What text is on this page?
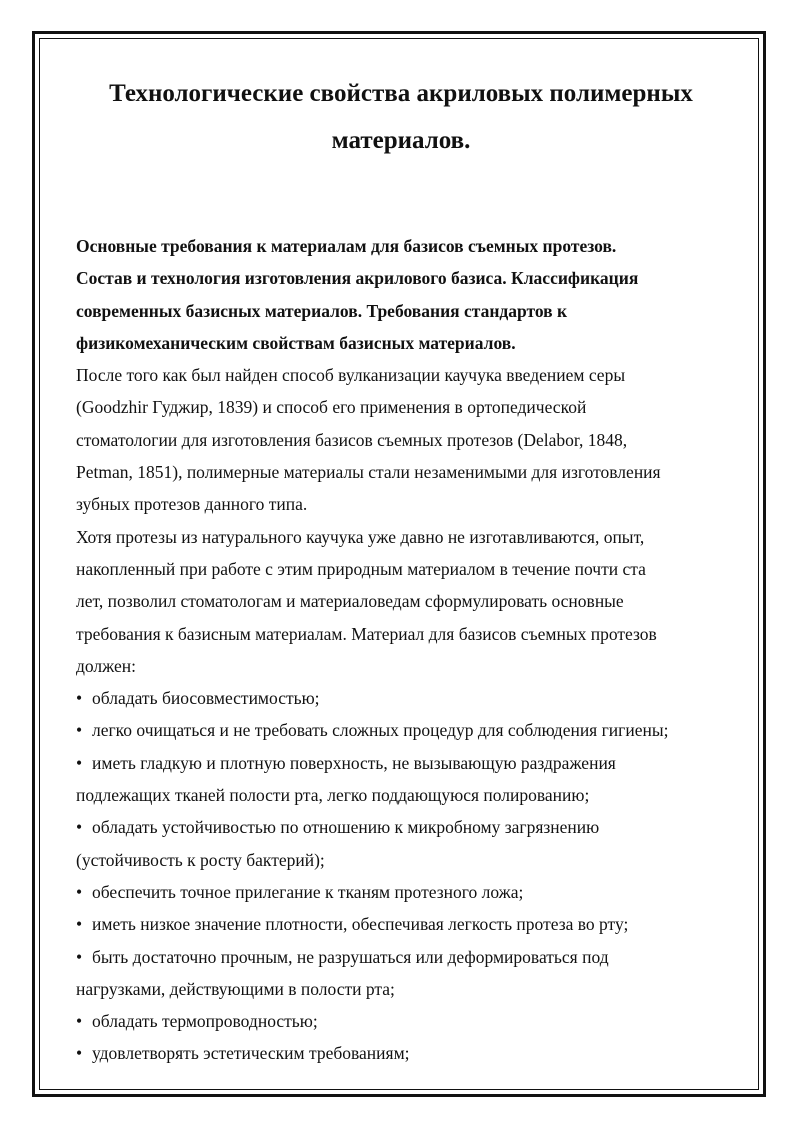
Технологические свойства акриловых полимерных
материалов.

Основные требования к материалам для базисов съемных протезов.
Состав и технология изготовления акрилового базиса. Классификация
современных базисных материалов. Требования стандартов к
физикомеханическим свойствам базисных материалов.

После того как был найден способ вулканизации каучука введением серы
(Goodzhir Гуджир, 1839) и способ его применения в ортопедической
стоматологии для изготовления базисов съемных протезов (Delabor, 1848,
Petman, 1851), полимерные материалы стали незаменимыми для изготовления
зубных протезов данного типа.

Хотя протезы из натурального каучука уже давно не изготавливаются, опыт,
накопленный при работе с этим природным материалом в течение почти ста
лет, позволил стоматологам и материаловедам сформулировать основные
требования к базисным материалам. Материал для базисов съемных протезов
должен:

• обладать биосовместимостью;
• легко очищаться и не требовать сложных процедур для соблюдения гигиены;
• иметь гладкую и плотную поверхность, не вызывающую раздражения
подлежащих тканей полости рта, легко поддающуюся полированию;
• обладать устойчивостью по отношению к микробному загрязнению
(устойчивость к росту бактерий);
• обеспечить точное прилегание к тканям протезного ложа;
• иметь низкое значение плотности, обеспечивая легкость протеза во рту;
• быть достаточно прочным, не разрушаться или деформироваться под
нагрузками, действующими в полости рта;
• обладать термопроводностью;
• удовлетворять эстетическим требованиям;
